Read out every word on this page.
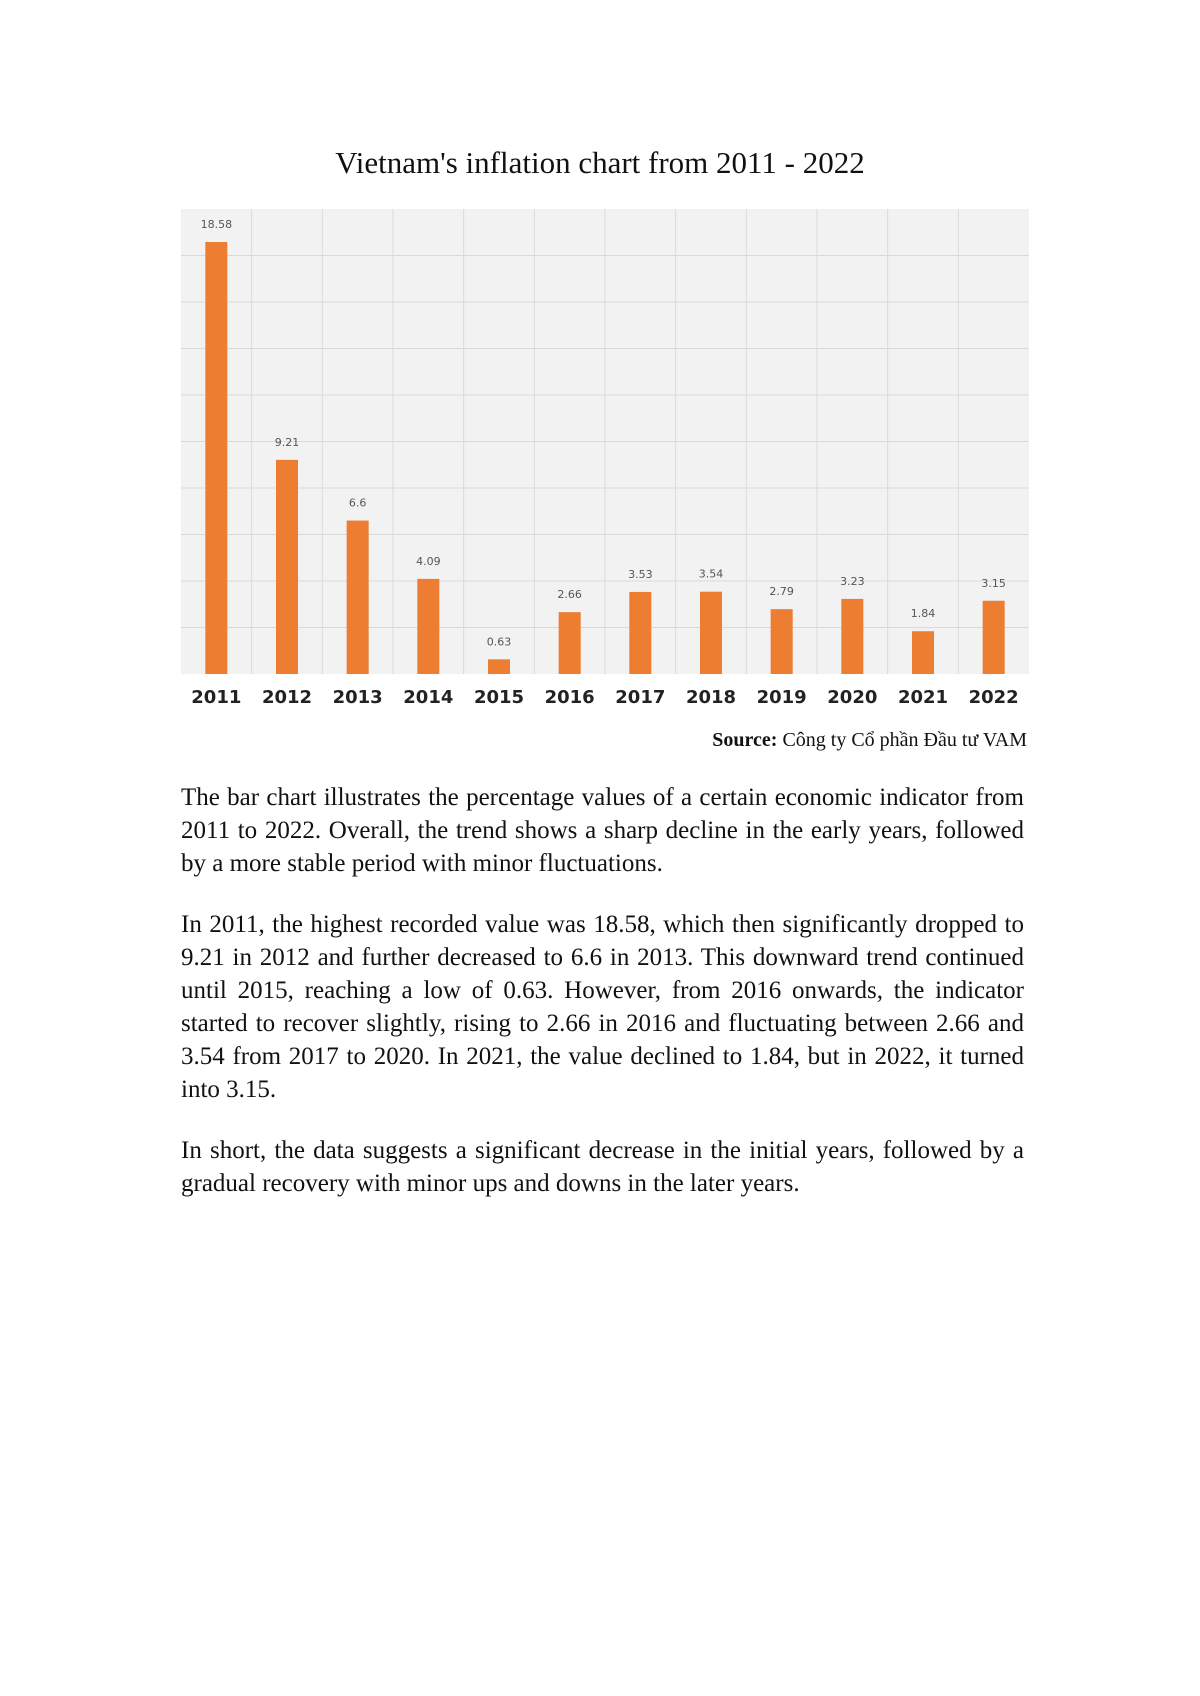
Vietnam's inflation chart from 2011 - 2022
18.58
2011
9.21
2012
6.6
2013
4.09
2014
0.63
2015
2.66
2016
3.53
2017
3.54
2018
2.79
2019
3.23
2020
1.84
2021
3.15
2022
Source: Công ty Cổ phần Đầu tư VAM

The bar chart illustrates the percentage values of a certain economic indicator from 2011 to 2022. Overall, the trend shows a sharp decline in the early years, followed by a more stable period with minor fluctuations.

In 2011, the highest recorded value was 18.58, which then significantly dropped to 9.21 in 2012 and further decreased to 6.6 in 2013. This downward trend continued until 2015, reaching a low of 0.63. However, from 2016 onwards, the indicator started to recover slightly, rising to 2.66 in 2016 and fluctuating between 2.66 and 3.54 from 2017 to 2020. In 2021, the value declined to 1.84, but in 2022, it turned into 3.15.

In short, the data suggests a significant decrease in the initial years, followed by a gradual recovery with minor ups and downs in the later years.
